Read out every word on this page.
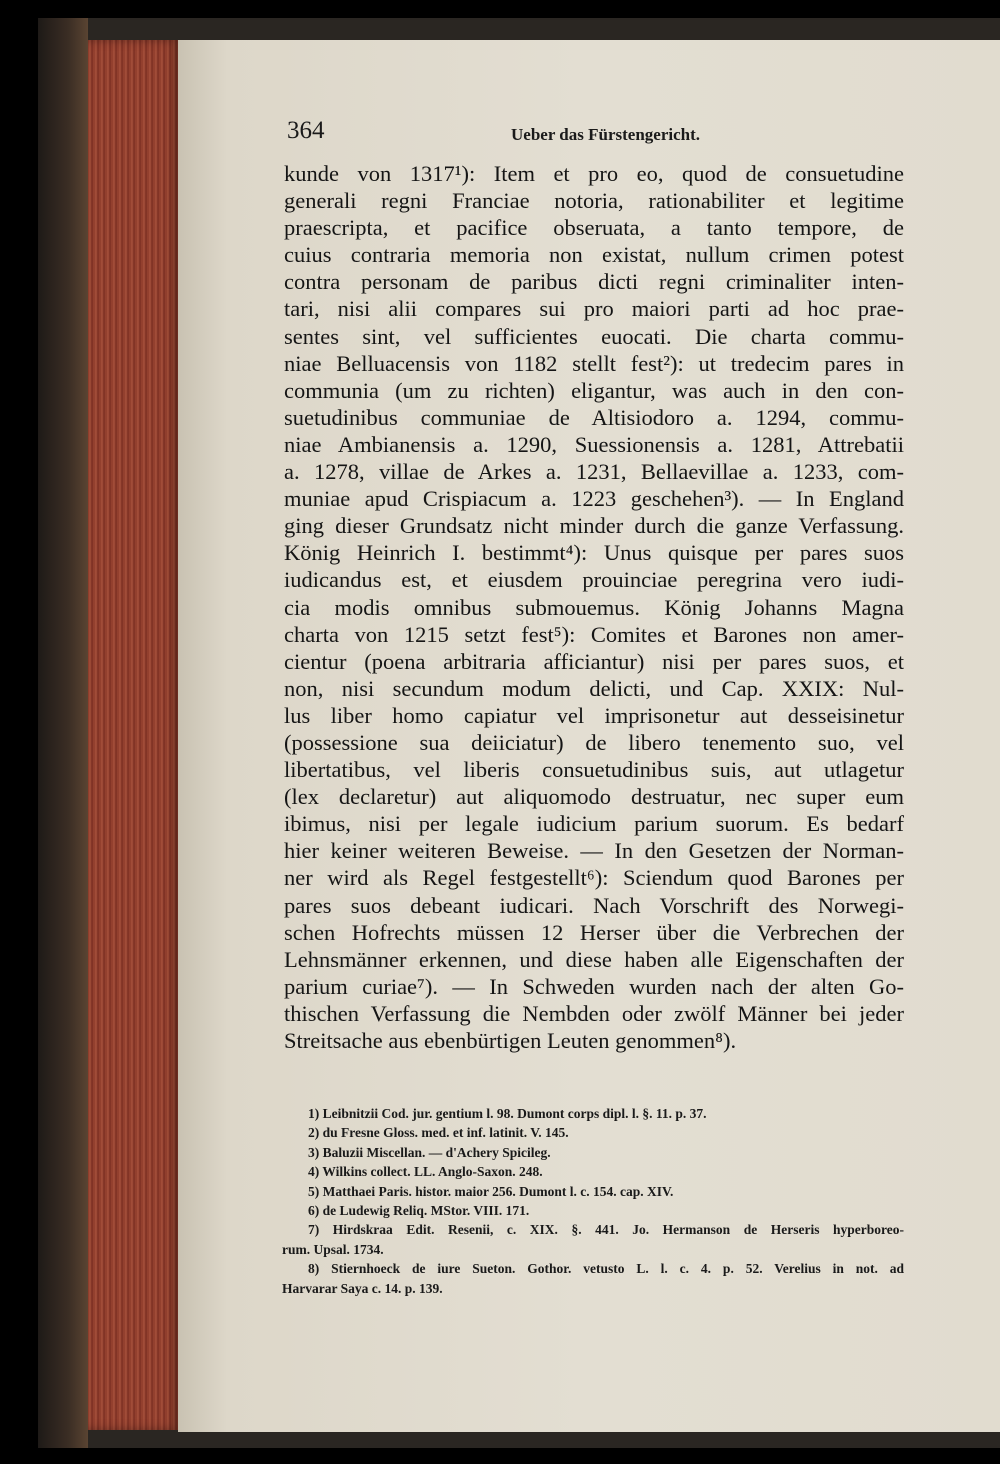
364	Ueber das Fürstengericht.
kunde von 1317¹): Item et pro eo, quod de consuetudine
generali regni Franciae notoria, rationabiliter et legitime
praescripta, et pacifice obseruata, a tanto tempore, de
cuius contraria memoria non existat, nullum crimen potest
contra personam de paribus dicti regni criminaliter inten-
tari, nisi alii compares sui pro maiori parti ad hoc prae-
sentes sint, vel sufficientes euocati. Die charta commu-
niae Belluacensis von 1182 stellt fest²): ut tredecim pares in
communia (um zu richten) eligantur, was auch in den con-
suetudinibus communiae de Altisiodoro a. 1294, commu-
niae Ambianensis a. 1290, Suessionensis a. 1281, Attrebatii
a. 1278, villae de Arkes a. 1231, Bellaevillae a. 1233, com-
muniae apud Crispiacum a. 1223 geschehen³). — In England
ging dieser Grundsatz nicht minder durch die ganze Verfassung.
König Heinrich I. bestimmt⁴): Unus quisque per pares suos
iudicandus est, et eiusdem prouinciae peregrina vero iudi-
cia modis omnibus submouemus. König Johanns Magna
charta von 1215 setzt fest⁵): Comites et Barones non amer-
cientur (poena arbitraria afficiantur) nisi per pares suos, et
non, nisi secundum modum delicti, und Cap. XXIX: Nul-
lus liber homo capiatur vel imprisonetur aut desseisinetur
(possessione sua deiiciatur) de libero tenemento suo, vel
libertatibus, vel liberis consuetudinibus suis, aut utlagetur
(lex declaretur) aut aliquomodo destruatur, nec super eum
ibimus, nisi per legale iudicium parium suorum. Es bedarf
hier keiner weiteren Beweise. — In den Gesetzen der Norman-
ner wird als Regel festgestellt⁶): Sciendum quod Barones per
pares suos debeant iudicari. Nach Vorschrift des Norwegi-
schen Hofrechts müssen 12 Herser über die Verbrechen der
Lehnsmänner erkennen, und diese haben alle Eigenschaften der
parium curiae⁷). — In Schweden wurden nach der alten Go-
thischen Verfassung die Nembden oder zwölf Männer bei jeder
Streitsache aus ebenbürtigen Leuten genommen⁸).
1) Leibnitzii Cod. jur. gentium l. 98. Dumont corps dipl. l. §. 11. p. 37.
2) du Fresne Gloss. med. et inf. latinit. V. 145.
3) Baluzii Miscellan. — d'Achery Spicileg.
4) Wilkins collect. LL. Anglo-Saxon. 248.
5) Matthaei Paris. histor. maior 256. Dumont l. c. 154. cap. XIV.
6) de Ludewig Reliq. MStor. VIII. 171.
7) Hirdskraa Edit. Resenii, c. XIX. §. 441. Jo. Hermanson de Herseris hyperboreo-
rum. Upsal. 1734.
8) Stiernhoeck de iure Sueton. Gothor. vetusto L. l. c. 4. p. 52. Verelius in not. ad
Harvarar Saya c. 14. p. 139.
